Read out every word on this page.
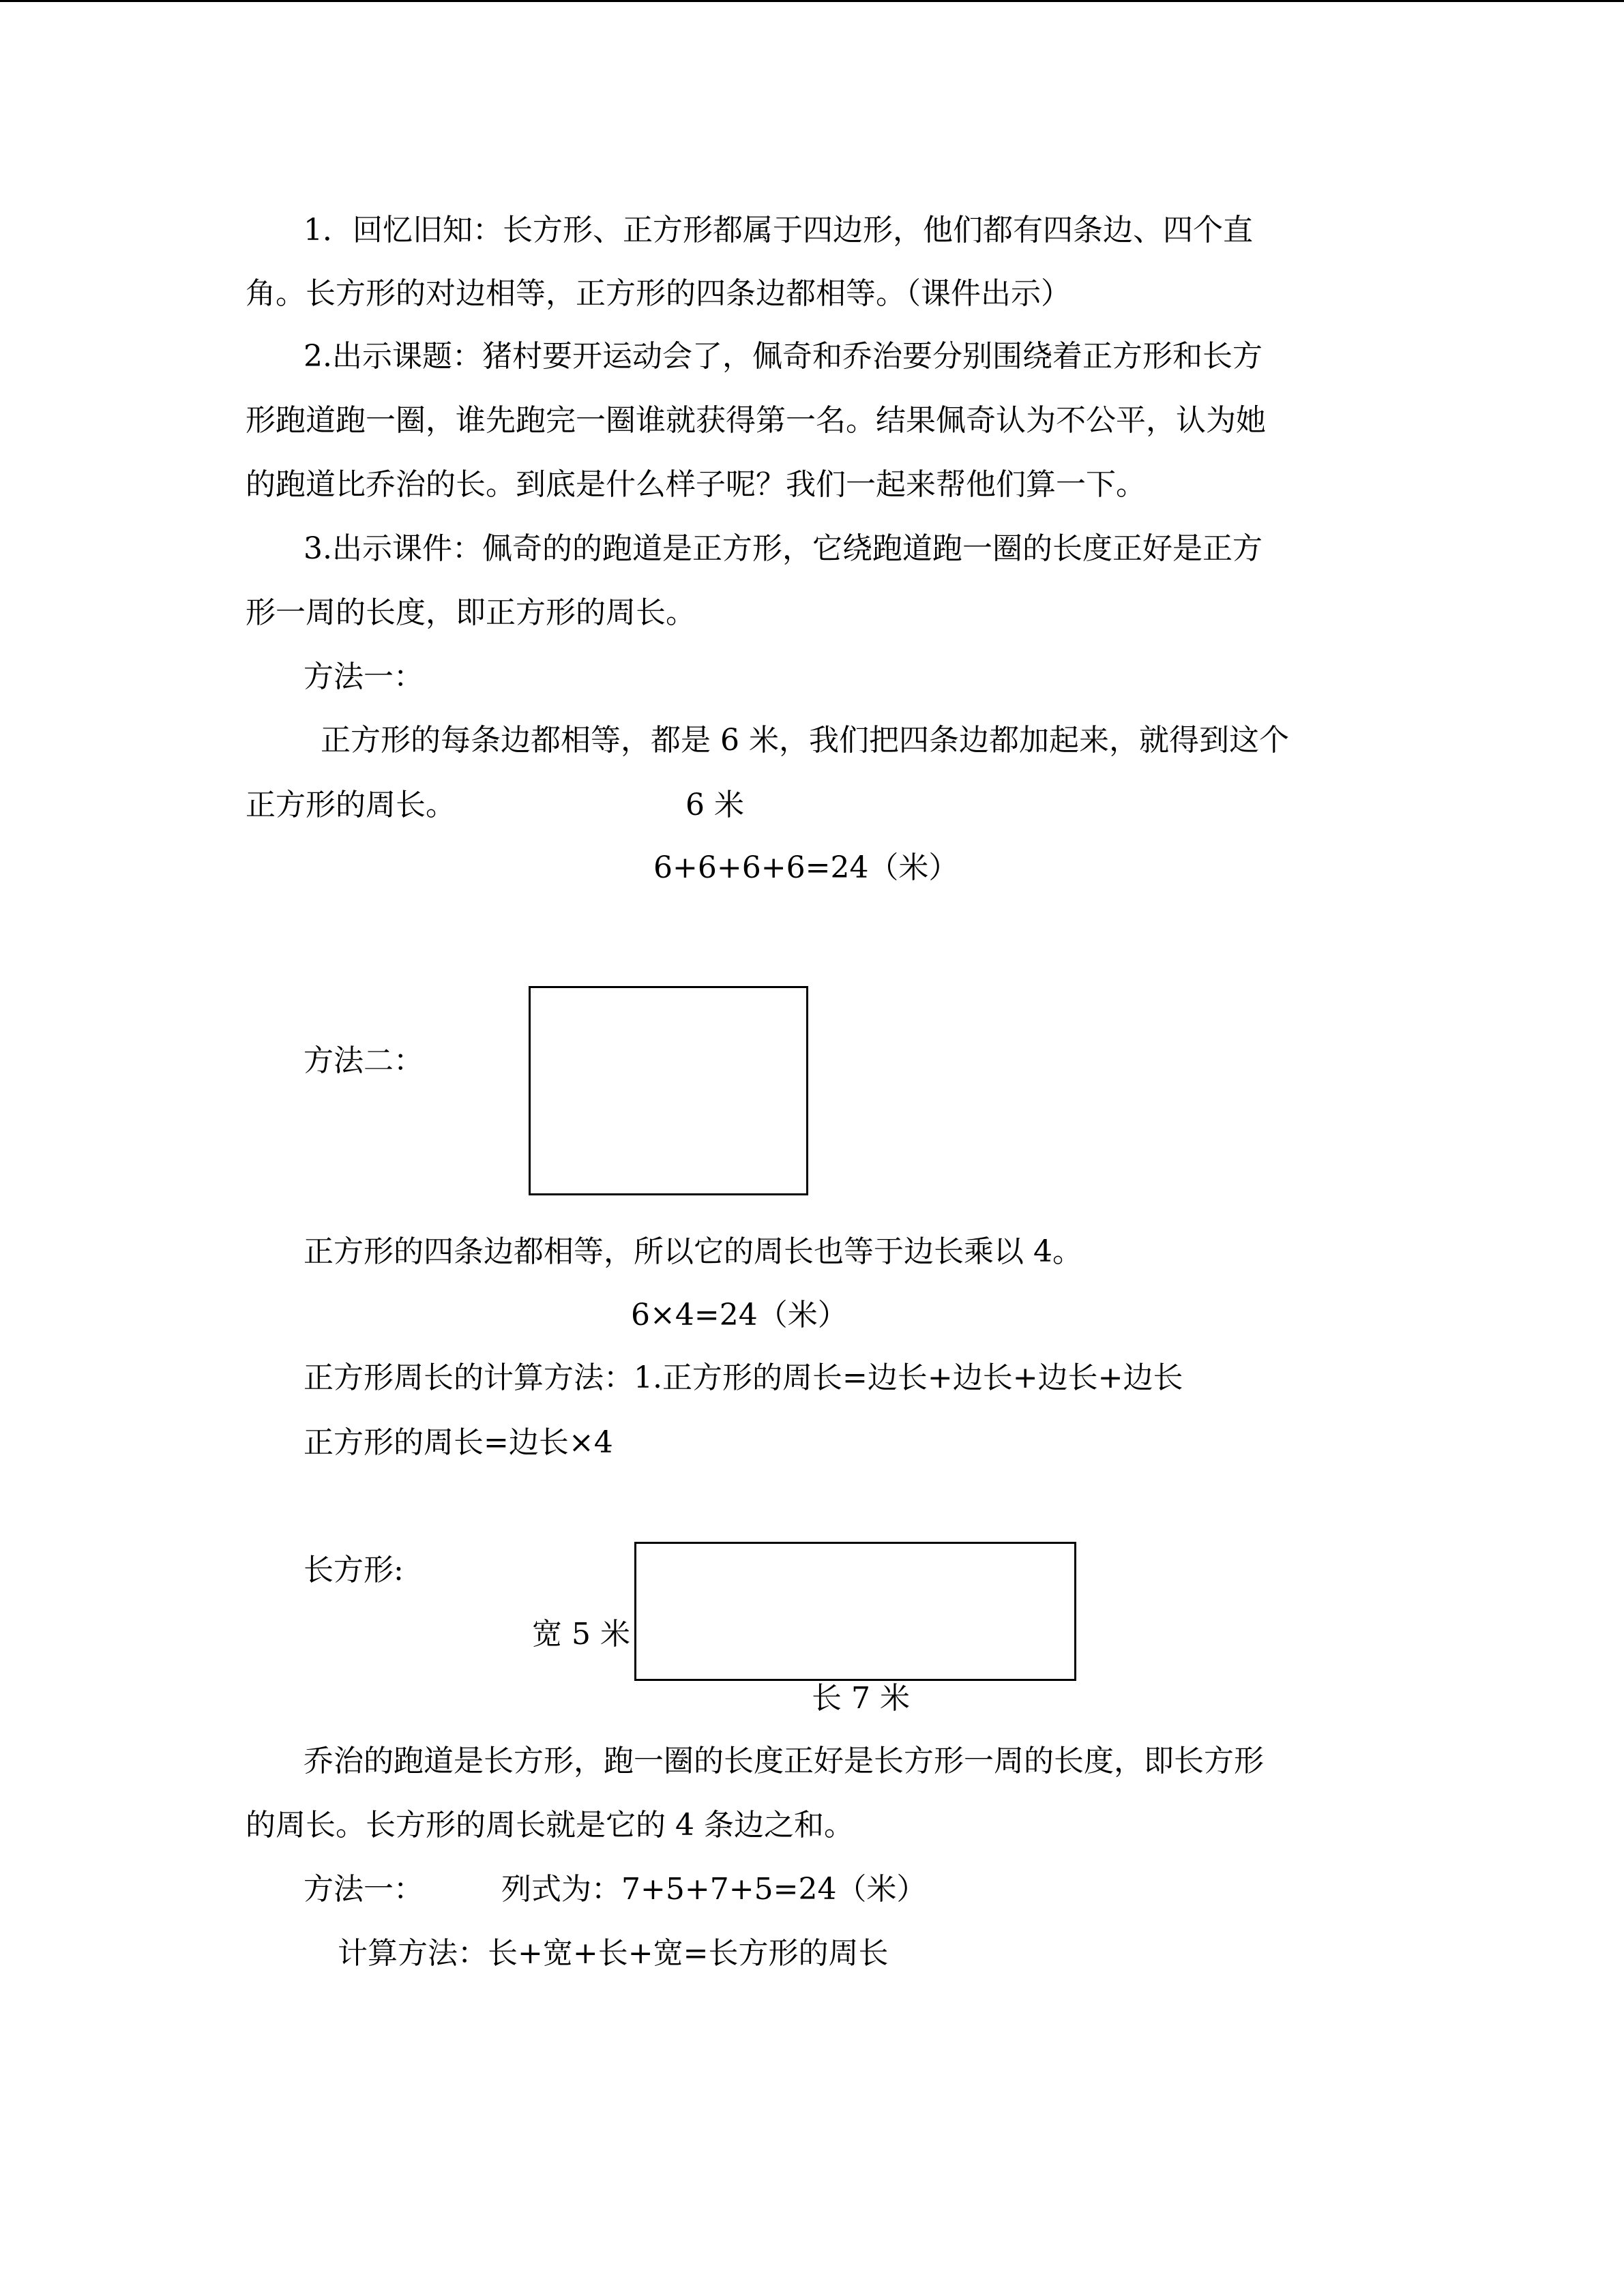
1．回忆旧知：长方形、正方形都属于四边形，他们都有四条边、四个直
角。长方形的对边相等，正方形的四条边都相等。（课件出示）
2.出示课题：猪村要开运动会了，佩奇和乔治要分别围绕着正方形和长方
形跑道跑一圈，谁先跑完一圈谁就获得第一名。结果佩奇认为不公平，认为她
的跑道比乔治的长。到底是什么样子呢？我们一起来帮他们算一下。
3.出示课件：佩奇的的跑道是正方形，它绕跑道跑一圈的长度正好是正方
形一周的长度，即正方形的周长。
方法一：
正方形的每条边都相等，都是 6 米，我们把四条边都加起来，就得到这个
正方形的周长。	6 米
6+6+6+6=24（米）
方法二：
正方形的四条边都相等，所以它的周长也等于边长乘以 4。
6×4=24（米）
正方形周长的计算方法：1.正方形的周长=边长+边长+边长+边长
正方形的周长=边长×4
长方形:
宽 5 米
长 7 米
乔治的跑道是长方形，跑一圈的长度正好是长方形一周的长度，即长方形
的周长。长方形的周长就是它的 4 条边之和。
方法一：	列式为：7+5+7+5=24（米）
计算方法：长+宽+长+宽=长方形的周长
